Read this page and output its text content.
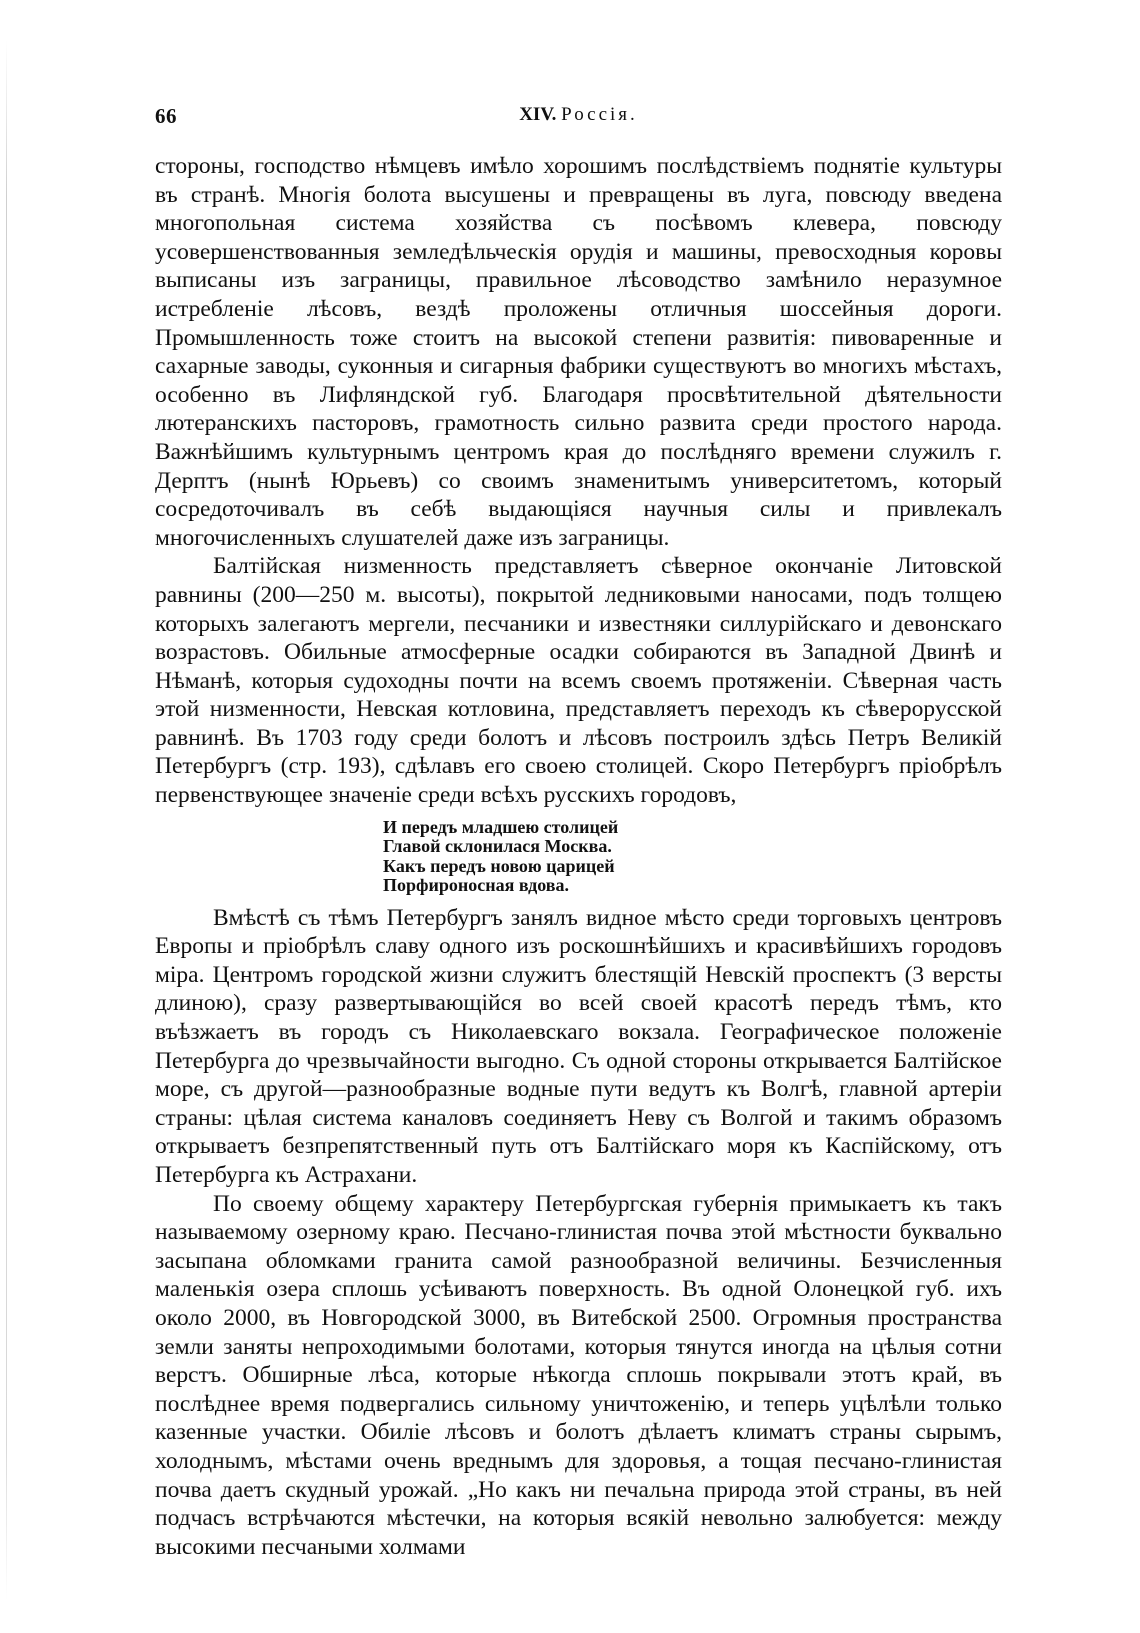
66	XIV. Россія.

стороны, господство нѣмцевъ имѣло хорошимъ послѣдствіемъ поднятіе культуры въ странѣ. Многія болота высушены и превращены въ луга, повсюду введена многопольная система хозяйства съ посѣвомъ клевера, повсюду усовершенствованныя земледѣльческія орудія и машины, превосходныя коровы выписаны изъ заграницы, правильное лѣсоводство замѣнило неразумное истребленіе лѣсовъ, вездѣ проложены отличныя шоссейныя дороги. Промышленность тоже стоитъ на высокой степени развитія: пивоваренные и сахарные заводы, суконныя и сигарныя фабрики существуютъ во многихъ мѣстахъ, особенно въ Лифляндской губ. Благодаря просвѣтительной дѣятельности лютеранскихъ пасторовъ, грамотность сильно развита среди простого народа. Важнѣйшимъ культурнымъ центромъ края до послѣдняго времени служилъ г. Дерптъ (нынѣ Юрьевъ) со своимъ знаменитымъ университетомъ, который сосредоточивалъ въ себѣ выдающіяся научныя силы и привлекалъ многочисленныхъ слушателей даже изъ заграницы.

Балтійская низменность представляетъ сѣверное окончаніе Литовской равнины (200—250 м. высоты), покрытой ледниковыми наносами, подъ толщею которыхъ залегаютъ мергели, песчаники и известняки силлурійскаго и девонскаго возрастовъ. Обильные атмосферные осадки собираются въ Западной Двинѣ и Нѣманѣ, которыя судоходны почти на всемъ своемъ протяженіи. Сѣверная часть этой низменности, Невская котловина, представляетъ переходъ къ сѣверорусской равнинѣ. Въ 1703 году среди болотъ и лѣсовъ построилъ здѣсь Петръ Великій Петербургъ (стр. 193), сдѣлавъ его своею столицей. Скоро Петербургъ пріобрѣлъ первенствующее значеніе среди всѣхъ русскихъ городовъ,

И передъ младшею столицей
Главой склонилася Москва.
Какъ передъ новою царицей
Порфироносная вдова.

Вмѣстѣ съ тѣмъ Петербургъ занялъ видное мѣсто среди торговыхъ центровъ Европы и пріобрѣлъ славу одного изъ роскошнѣйшихъ и красивѣйшихъ городовъ міра. Центромъ городской жизни служитъ блестящій Невскій проспектъ (3 версты длиною), сразу развертывающійся во всей своей красотѣ передъ тѣмъ, кто въѣзжаетъ въ городъ съ Николаевскаго вокзала. Географическое положеніе Петербурга до чрезвычайности выгодно. Съ одной стороны открывается Балтійское море, съ другой—разнообразные водные пути ведутъ къ Волгѣ, главной артеріи страны: цѣлая система каналовъ соединяетъ Неву съ Волгой и такимъ образомъ открываетъ безпрепятственный путь отъ Балтійскаго моря къ Каспійскому, отъ Петербурга къ Астрахани.

По своему общему характеру Петербургская губернія примыкаетъ къ такъ называемому озерному краю. Песчано-глинистая почва этой мѣстности буквально засыпана обломками гранита самой разнообразной величины. Безчисленныя маленькія озера сплошь усѣиваютъ поверхность. Въ одной Олонецкой губ. ихъ около 2000, въ Новгородской 3000, въ Витебской 2500. Огромныя пространства земли заняты непроходимыми болотами, которыя тянутся иногда на цѣлыя сотни верстъ. Обширные лѣса, которые нѣкогда сплошь покрывали этотъ край, въ послѣднее время подвергались сильному уничтоженію, и теперь уцѣлѣли только казенные участки. Обиліе лѣсовъ и болотъ дѣлаетъ климатъ страны сырымъ, холоднымъ, мѣстами очень вреднымъ для здоровья, а тощая песчано-глинистая почва даетъ скудный урожай. „Но какъ ни печальна природа этой страны, въ ней подчасъ встрѣчаются мѣстечки, на которыя всякій невольно залюбуется: между высокими песчаными холмами
